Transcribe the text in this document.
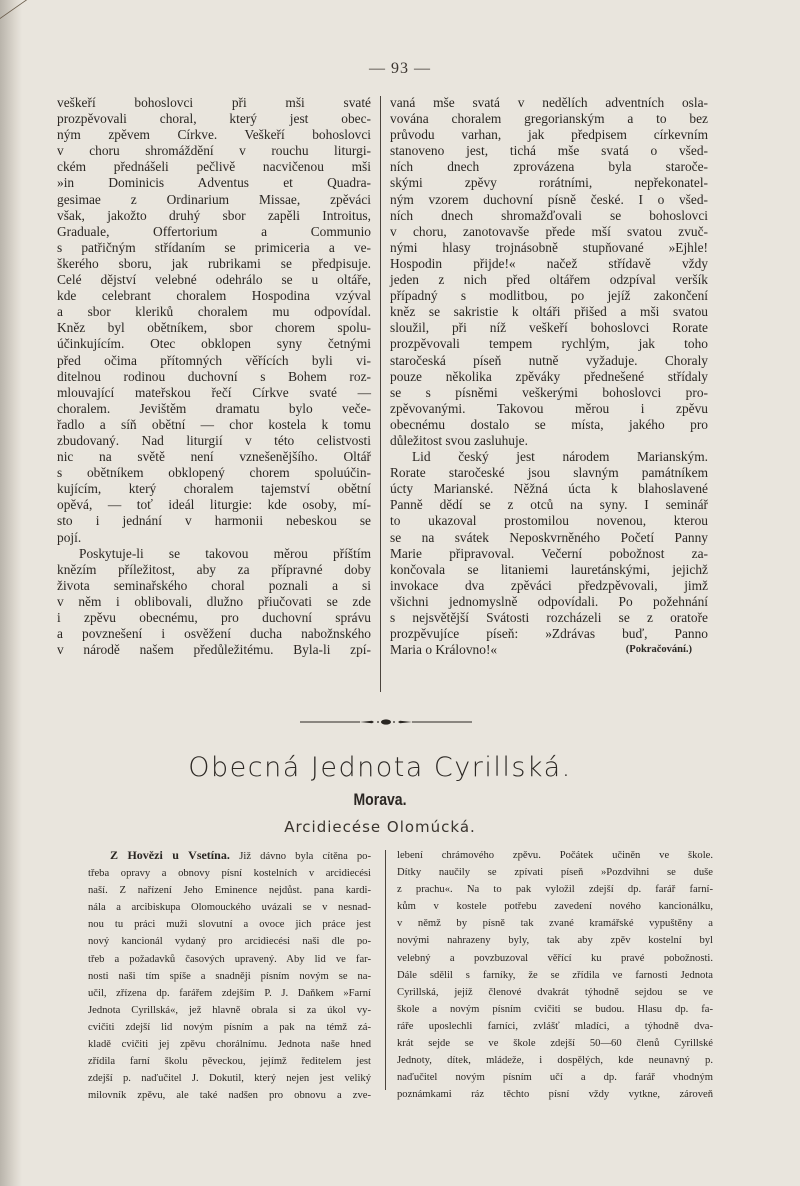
— 93 —
veškeří bohoslovci při mši svaté
prozpěvovali choral, který jest obec-
ným zpěvem Církve. Veškeří bohoslovci
v choru shromáždění v rouchu liturgi-
ckém přednášeli pečlivě nacvičenou mši
»in Dominicis Adventus et Quadra-
gesimae z Ordinarium Missae, zpěváci
však, jakožto druhý sbor zapěli Introitus,
Graduale, Offertorium a Communio
s patřičným střídaním se primiceria a ve-
škerého sboru, jak rubrikami se předpisuje.
Celé dějství velebné odehrálo se u oltáře,
kde celebrant choralem Hospodina vzýval
a sbor kleriků choralem mu odpovídal.
Kněz byl obětníkem, sbor chorem spolu-
účinkujícím. Otec obklopen syny četnými
před očima přítomných věřících byli vi-
ditelnou rodinou duchovní s Bohem roz-
mlouvající mateřskou řečí Církve svaté —
choralem. Jevištěm dramatu bylo veče-
řadlo a síň obětní — chor kostela k tomu
zbudovaný. Nad liturgií v této celistvosti
nic na světě není vznešenějšího. Oltář
s obětníkem obklopený chorem spoluúčin-
kujícím, který choralem tajemství obětní
opěvá, — toť ideál liturgie: kde osoby, mí-
sto i jednání v harmonii nebeskou se
pojí.
Poskytuje-li se takovou měrou příštím
knězím příležitost, aby za přípravné doby
života seminařského choral poznali a si
v něm i oblibovali, dlužno přiučovati se zde
i zpěvu obecnému, pro duchovní správu
a povznešení i osvěžení ducha nabožnského
v národě našem předůležitému. Byla-li zpí-
vaná mše svatá v nedělích adventních osla-
vována choralem gregorianským a to bez
průvodu varhan, jak předpisem církevním
stanoveno jest, tichá mše svatá o všed-
ních dnech zprovázena byla staroče-
skými zpěvy rorátními, nepřekonatel-
ným vzorem duchovní písně české. I o všed-
ních dnech shromažďovali se bohoslovci
v choru, zanotovavše přede mší svatou zvuč-
nými hlasy trojnásobně stupňované »Ejhle!
Hospodin přijde!« načež střídavě vždy
jeden z nich před oltářem odzpíval veršík
případný s modlitbou, po jejíž zakončení
kněz se sakristie k oltáři přišed a mši svatou
sloužil, při níž veškeří bohoslovci Rorate
prozpěvovali tempem rychlým, jak toho
staročeská píseň nutně vyžaduje. Choraly
pouze několika zpěváky přednešené střídaly
se s písněmi veškerými bohoslovci pro-
zpěvovanými. Takovou měrou i zpěvu
obecnému dostalo se místa, jakého pro
důležitost svou zasluhuje.
Lid český jest národem Marianským.
Rorate staročeské jsou slavným památníkem
úcty Marianské. Něžná úcta k blahoslavené
Panně dědí se z otců na syny. I seminář
to ukazoval prostomilou novenou, kterou
se na svátek Neposkvrněného Početí Panny
Marie připravoval. Večerní pobožnost za-
končovala se litaniemi lauretánskými, jejichž
invokace dva zpěváci předzpěvovali, jimž
všichni jednomyslně odpovídali. Po požehnání
s nejsvětější Svátosti rozcházeli se z oratoře
prozpěvujíce píseň: »Zdrávas buď, Panno
Maria o Královno!«	(Pokračování.)
Obecná Jednota Cyrillská.
Morava.
Arcidiecése Olomúcká.
Z Hovězi u Vsetína. Již dávno byla cítěna po-
třeba opravy a obnovy písní kostelních v arcidiecési
naší. Z nařízení Jeho Eminence nejdůst. pana kardi-
nála a arcibiskupa Olomouckého uvázali se v nesnad-
nou tu práci muži slovutní a ovoce jich práce jest
nový kancionál vydaný pro arcidiecési naši dle po-
třeb a požadavků časových upravený. Aby lid ve far-
nosti naši tím spíše a snadněji písním novým se na-
učil, zřízena dp. farářem zdejším P. J. Daňkem »Farní
Jednota Cyrillská«, jež hlavně obrala si za úkol vy-
cvičiti zdejší lid novým písním a pak na témž zá-
kladě cvičiti jej zpěvu chorálnímu. Jednota naše hned
zřídila farní školu pěveckou, jejímž ředitelem jest
zdejší p. naďučitel J. Dokutil, který nejen jest veliký
milovník zpěvu, ale také nadšen pro obnovu a zve-
lebení chrámového zpěvu. Počátek učiněn ve škole.
Dítky naučily se zpívati píseň »Pozdvihni se duše
z prachu«. Na to pak vyložil zdejší dp. farář farní-
kům v kostele potřebu zavedení nového kancionálku,
v němž by písně tak zvané kramářské vypuštěny a
novými nahrazeny byly, tak aby zpěv kostelní byl
velebný a povzbuzoval věřící ku pravé pobožnosti.
Dále sdělil s farníky, že se zřídila ve farnosti Jednota
Cyrillská, jejíž členové dvakrát týhodně sejdou se ve
škole a novým písním cvičiti se budou. Hlasu dp. fa-
ráře uposlechli farníci, zvlášť mladíci, a týhodně dva-
krát sejde se ve škole zdejší 50—60 členů Cyrillské
Jednoty, dítek, mládeže, i dospělých, kde neunavný p.
naďučitel novým písním učí a dp. farář vhodným
poznámkami ráz těchto písní vždy vytkne, zároveň
